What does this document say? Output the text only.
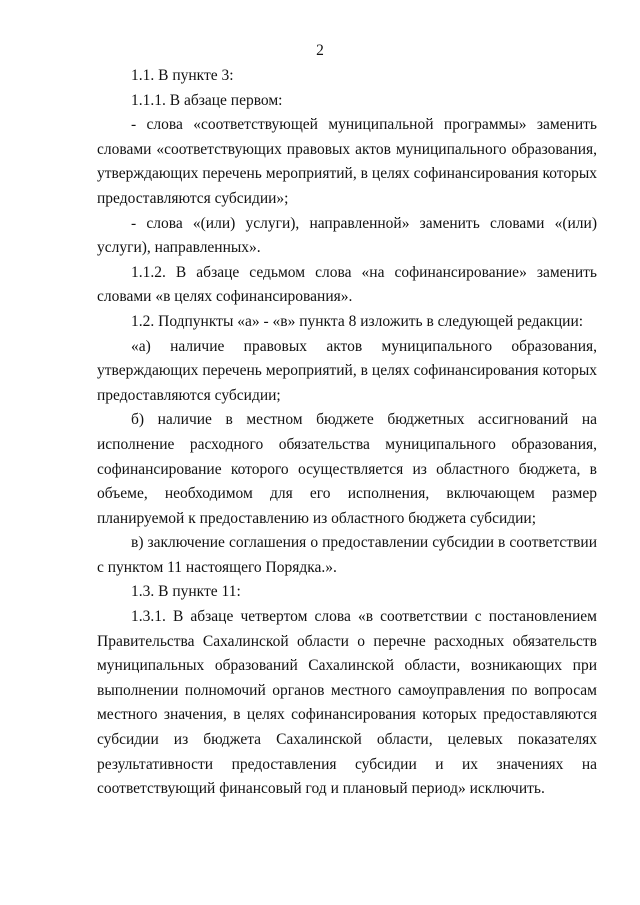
2

1.1. В пункте 3:

1.1.1. В абзаце первом:

- слова «соответствующей муниципальной программы» заменить словами «соответствующих правовых актов муниципального образования, утверждающих перечень мероприятий, в целях софинансирования которых предоставляются субсидии»;

- слова «(или) услуги), направленной» заменить словами «(или) услуги), направленных».

1.1.2. В абзаце седьмом слова «на софинансирование» заменить словами «в целях софинансирования».

1.2. Подпункты «а» - «в» пункта 8 изложить в следующей редакции:

«а) наличие правовых актов муниципального образования, утверждающих перечень мероприятий, в целях софинансирования которых предоставляются субсидии;

б) наличие в местном бюджете бюджетных ассигнований на исполнение расходного обязательства муниципального образования, софинансирование которого осуществляется из областного бюджета, в объеме, необходимом для его исполнения, включающем размер планируемой к предоставлению из областного бюджета субсидии;

в) заключение соглашения о предоставлении субсидии в соответствии с пунктом 11 настоящего Порядка.».

1.3. В пункте 11:

1.3.1. В абзаце четвертом слова «в соответствии с постановлением Правительства Сахалинской области о перечне расходных обязательств муниципальных образований Сахалинской области, возникающих при выполнении полномочий органов местного самоуправления по вопросам местного значения, в целях софинансирования которых предоставляются субсидии из бюджета Сахалинской области, целевых показателях результативности предоставления субсидии и их значениях на соответствующий финансовый год и плановый период» исключить.
